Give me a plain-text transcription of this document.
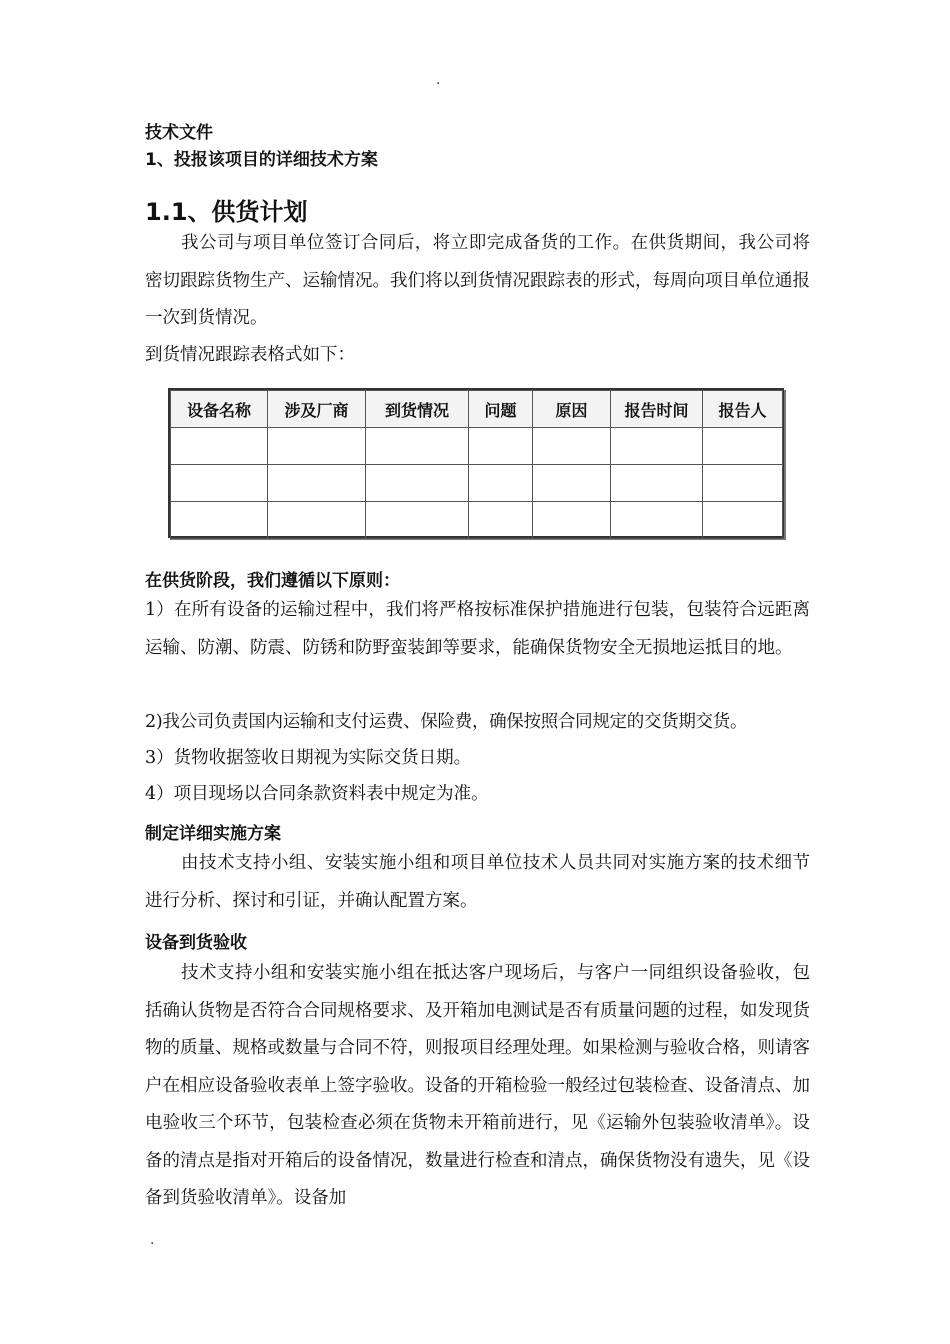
.
技术文件
1、投报该项目的详细技术方案
1.1、供货计划

我公司与项目单位签订合同后，将立即完成备货的工作。在供货期间，我公司将密切跟踪货物生产、运输情况。我们将以到货情况跟踪表的形式，每周向项目单位通报一次到货情况。

到货情况跟踪表格式如下：
设备名称	涉及厂商	到货情况	问题	原因	报告时间	报告人

在供货阶段，我们遵循以下原则：

1）在所有设备的运输过程中，我们将严格按标准保护措施进行包装，包装符合远距离运输、防潮、防震、防锈和防野蛮装卸等要求，能确保货物安全无损地运抵目的地。

2)我公司负责国内运输和支付运费、保险费，确保按照合同规定的交货期交货。
3）货物收据签收日期视为实际交货日期。
4）项目现场以合同条款资料表中规定为准。
制定详细实施方案

由技术支持小组、安装实施小组和项目单位技术人员共同对实施方案的技术细节进行分析、探讨和引证，并确认配置方案。

设备到货验收

技术支持小组和安装实施小组在抵达客户现场后，与客户一同组织设备验收，包括确认货物是否符合合同规格要求、及开箱加电测试是否有质量问题的过程，如发现货物的质量、规格或数量与合同不符，则报项目经理处理。如果检测与验收合格，则请客户在相应设备验收表单上签字验收。设备的开箱检验一般经过包装检查、设备清点、加电验收三个环节，包装检查必须在货物未开箱前进行，见《运输外包装验收清单》。设备的清点是指对开箱后的设备情况，数量进行检查和清点，确保货物没有遗失，见《设备到货验收清单》。设备加

.
